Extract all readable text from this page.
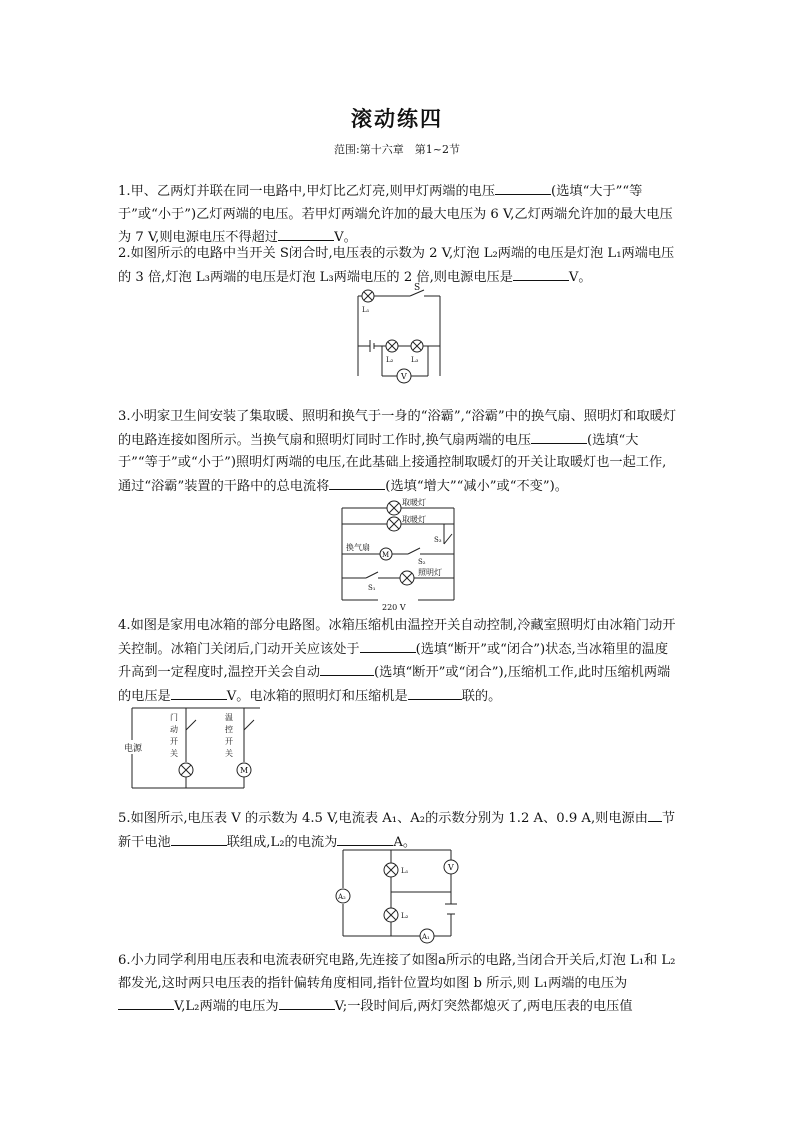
滚动练四
范围:第十六章　第1~2节

1.甲、乙两灯并联在同一电路中,甲灯比乙灯亮,则甲灯两端的电压	(选填“大于”“等于”或“小于”)乙灯两端的电压。若甲灯两端允许加的最大电压为 6 V,乙灯两端允许加的最大电压为 7 V,则电源电压不得超过	V。

2.如图所示的电路中当开关 S闭合时,电压表的示数为 2 V,灯泡 L₂两端的电压是灯泡 L₁两端电压的 3 倍,灯泡 L₃两端的电压是灯泡 L₃两端电压的 2 倍,则电源电压是	V。

S
L₁
L₂	L₃
V

3.小明家卫生间安装了集取暖、照明和换气于一身的“浴霸”,“浴霸”中的换气扇、照明灯和取暖灯的电路连接如图所示。当换气扇和照明灯同时工作时,换气扇两端的电压	(选填“大于”“等于”或“小于”)照明灯两端的电压,在此基础上接通控制取暖灯的开关让取暖灯也一起工作,通过“浴霸”装置的干路中的总电流将	(选填“增大”“减小”或“不变”)。

取暖灯
取暖灯
S₃
M
换气扇
S₂
照明灯
S₁
220 V

4.如图是家用电冰箱的部分电路图。冰箱压缩机由温控开关自动控制,冷藏室照明灯由冰箱门动开关控制。冰箱门关闭后,门动开关应该处于	(选填“断开”或“闭合”)状态,当冰箱里的温度升高到一定程度时,温控开关会自动	(选填“断开”或“闭合”),压缩机工作,此时压缩机两端的电压是	V。电冰箱的照明灯和压缩机是	联的。

电源
门
动
开
关
M
温
控
开
关

5.如图所示,电压表 V 的示数为 4.5 V,电流表 A₁、A₂的示数分别为 1.2 A、0.9 A,则电源由 节新干电池	联组成,L₂的电流为	A。

A₂
V
L₁
L₂
A₁

6.小力同学利用电压表和电流表研究电路,先连接了如图a所示的电路,当闭合开关后,灯泡 L₁和 L₂都发光,这时两只电压表的指针偏转角度相同,指针位置均如图 b 所示,则 L₁两端的电压为V,L₂两端的电压为	V;一段时间后,两灯突然都熄灭了,两电压表的电压值
